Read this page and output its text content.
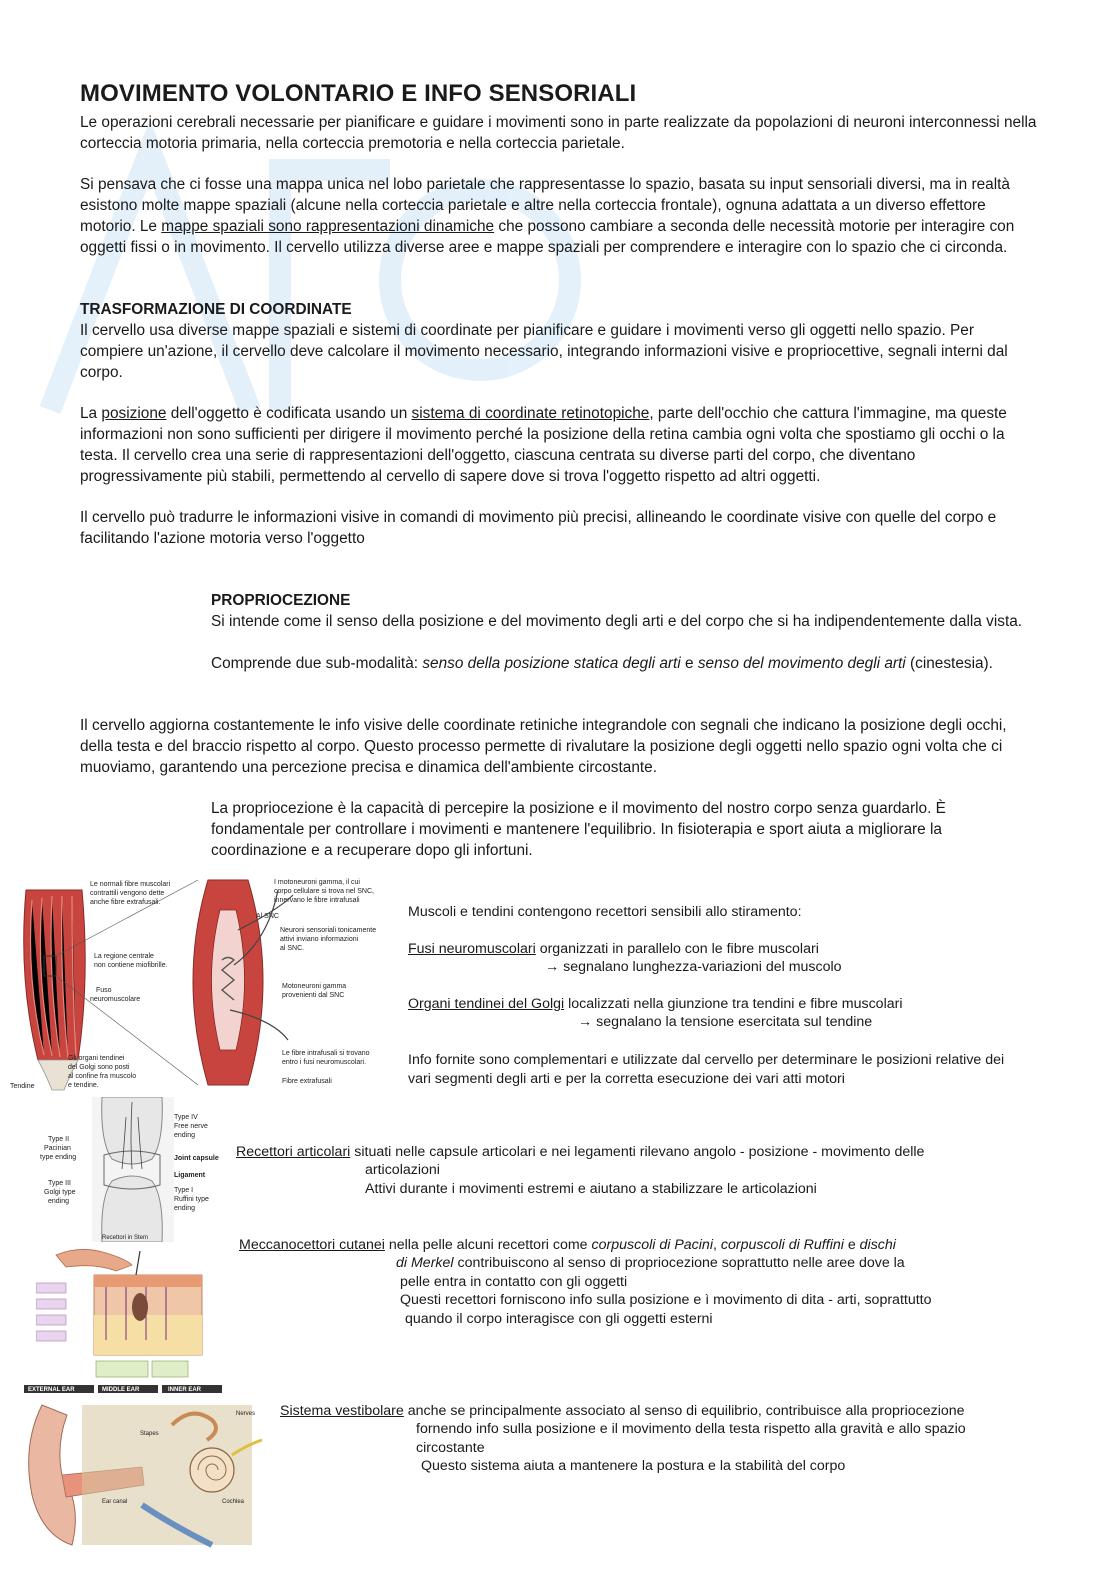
MOVIMENTO VOLONTARIO E INFO SENSORIALI

Le operazioni cerebrali necessarie per pianificare e guidare i movimenti sono in parte realizzate da popolazioni di neuroni interconnessi nella corteccia motoria primaria, nella corteccia premotoria e nella corteccia parietale.

Si pensava che ci fosse una mappa unica nel lobo parietale che rappresentasse lo spazio, basata su input sensoriali diversi, ma in realtà esistono molte mappe spaziali (alcune nella corteccia parietale e altre nella corteccia frontale), ognuna adattata a un diverso effettore motorio. Le mappe spaziali sono rappresentazioni dinamiche che possono cambiare a seconda delle necessità motorie per interagire con oggetti fissi o in movimento. Il cervello utilizza diverse aree e mappe spaziali per comprendere e interagire con lo spazio che ci circonda.

TRASFORMAZIONE DI COORDINATE

Il cervello usa diverse mappe spaziali e sistemi di coordinate per pianificare e guidare i movimenti verso gli oggetti nello spazio. Per compiere un'azione, il cervello deve calcolare il movimento necessario, integrando informazioni visive e propriocettive, segnali interni dal corpo.

La posizione dell'oggetto è codificata usando un sistema di coordinate retinotopiche, parte dell'occhio che cattura l'immagine, ma queste informazioni non sono sufficienti per dirigere il movimento perché la posizione della retina cambia ogni volta che spostiamo gli occhi o la testa. Il cervello crea una serie di rappresentazioni dell'oggetto, ciascuna centrata su diverse parti del corpo, che diventano progressivamente più stabili, permettendo al cervello di sapere dove si trova l'oggetto rispetto ad altri oggetti.

Il cervello può tradurre le informazioni visive in comandi di movimento più precisi, allineando le coordinate visive con quelle del corpo e facilitando l'azione motoria verso l'oggetto

PROPRIOCEZIONE

Si intende come il senso della posizione e del movimento degli arti e del corpo che si ha indipendentemente dalla vista.

Comprende due sub-modalità: senso della posizione statica degli arti e senso del movimento degli arti (cinestesia).

Il cervello aggiorna costantemente le info visive delle coordinate retiniche integrandole con segnali che indicano la posizione degli occhi, della testa e del braccio rispetto al corpo. Questo processo permette di rivalutare la posizione degli oggetti nello spazio ogni volta che ci muoviamo, garantendo una percezione precisa e dinamica dell'ambiente circostante.

La propriocezione è la capacità di percepire la posizione e il movimento del nostro corpo senza guardarlo. È fondamentale per controllare i movimenti e mantenere l'equilibrio. In fisioterapia e sport aiuta a migliorare la coordinazione e a recuperare dopo gli infortuni.

Le normali fibre muscolari
contrattili vengono dette
anche fibre extrafusali.
La regione centrale
non contiene miofibrille.
Fuso
neuromuscolare
Gli organi tendinei
del Golgi sono posti
al confine fra muscolo
e tendine.
Tendine
I motoneuroni gamma, il cui
corpo cellulare si trova nel SNC,
innervano le fibre intrafusali
Al SNC
Neuroni sensoriali tonicamente
attivi inviano informazioni
al SNC.
Motoneuroni gamma
provenienti dal SNC
Le fibre intrafusali si trovano
entro i fusi neuromuscolari.
Fibre extrafusali

Muscoli e tendini contengono recettori sensibili allo stiramento:

Fusi neuromuscolari organizzati in parallelo con le fibre muscolari

→ segnalano lunghezza-variazioni del muscolo

Organi tendinei del Golgi localizzati nella giunzione tra tendini e fibre muscolari

→ segnalano la tensione esercitata sul tendine

Info fornite sono complementari e utilizzate dal cervello per determinare le posizioni relative dei vari segmenti degli arti e per la corretta esecuzione dei vari atti motori

Type IV
Free nerve
ending
Type II
Pacinian
type ending	Joint capsule
Ligament
Type III
Golgi type
ending
Type I
Ruffini type
ending
Recettori in Stem

Recettori articolari situati nelle capsule articolari e nei legamenti rilevano angolo - posizione - movimento delle

articolazioni

Attivi durante i movimenti estremi e aiutano a stabilizzare le articolazioni

Meccanocettori cutanei nella pelle alcuni recettori come corpuscoli di Pacini, corpuscoli di Ruffini e dischi

di Merkel contribuiscono al senso di propriocezione soprattutto nelle aree dove la

pelle entra in contatto con gli oggetti

Questi recettori forniscono info sulla posizione e ì movimento di dita - arti, soprattutto

quando il corpo interagisce con gli oggetti esterni

EXTERNAL EAR	MIDDLE EAR	INNER EAR
Cochlea
Nerves
Ear canal
Stapes

Sistema vestibolare anche se principalmente associato al senso di equilibrio, contribuisce alla propriocezione

fornendo info sulla posizione e il movimento della testa rispetto alla gravità e allo spazio

circostante

Questo sistema aiuta a mantenere la postura e la stabilità del corpo
